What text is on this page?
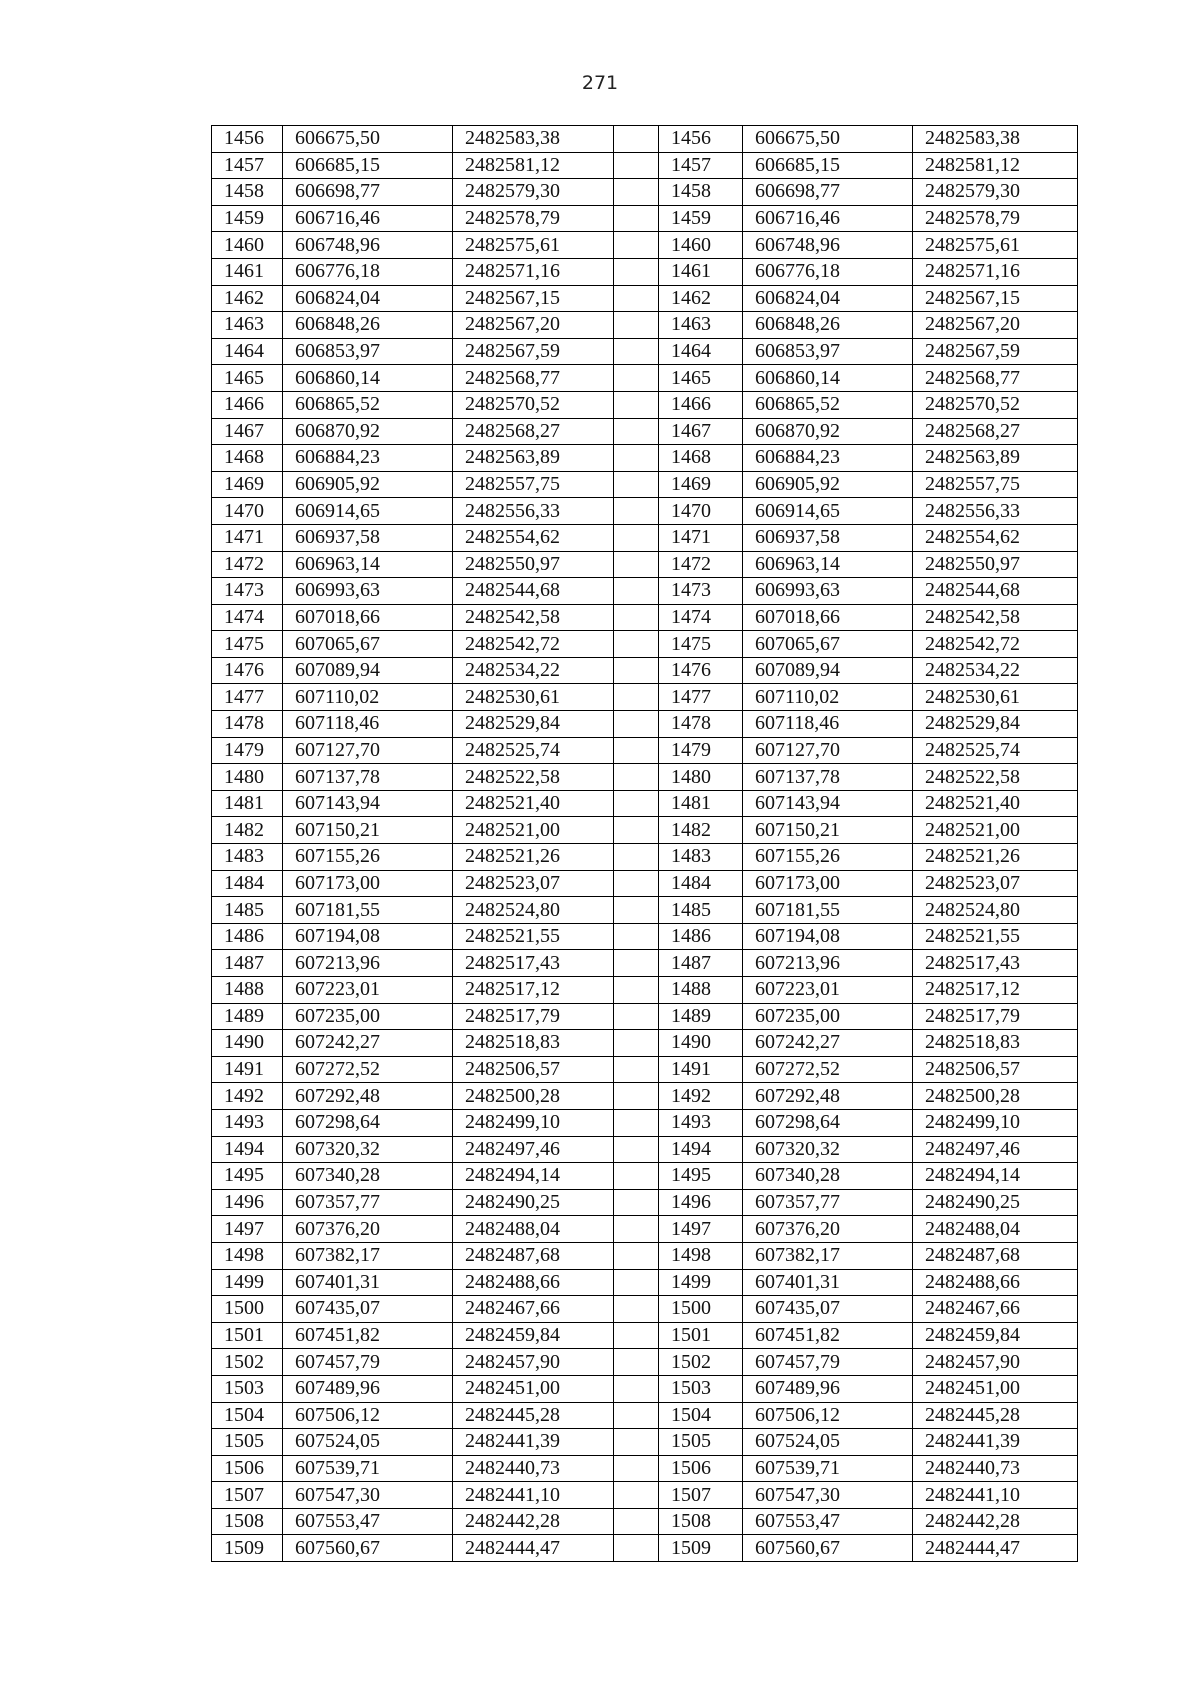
271
1456	606675,50	2482583,38		1456	606675,50	2482583,38
1457	606685,15	2482581,12		1457	606685,15	2482581,12
1458	606698,77	2482579,30		1458	606698,77	2482579,30
1459	606716,46	2482578,79		1459	606716,46	2482578,79
1460	606748,96	2482575,61		1460	606748,96	2482575,61
1461	606776,18	2482571,16		1461	606776,18	2482571,16
1462	606824,04	2482567,15		1462	606824,04	2482567,15
1463	606848,26	2482567,20		1463	606848,26	2482567,20
1464	606853,97	2482567,59		1464	606853,97	2482567,59
1465	606860,14	2482568,77		1465	606860,14	2482568,77
1466	606865,52	2482570,52		1466	606865,52	2482570,52
1467	606870,92	2482568,27		1467	606870,92	2482568,27
1468	606884,23	2482563,89		1468	606884,23	2482563,89
1469	606905,92	2482557,75		1469	606905,92	2482557,75
1470	606914,65	2482556,33		1470	606914,65	2482556,33
1471	606937,58	2482554,62		1471	606937,58	2482554,62
1472	606963,14	2482550,97		1472	606963,14	2482550,97
1473	606993,63	2482544,68		1473	606993,63	2482544,68
1474	607018,66	2482542,58		1474	607018,66	2482542,58
1475	607065,67	2482542,72		1475	607065,67	2482542,72
1476	607089,94	2482534,22		1476	607089,94	2482534,22
1477	607110,02	2482530,61		1477	607110,02	2482530,61
1478	607118,46	2482529,84		1478	607118,46	2482529,84
1479	607127,70	2482525,74		1479	607127,70	2482525,74
1480	607137,78	2482522,58		1480	607137,78	2482522,58
1481	607143,94	2482521,40		1481	607143,94	2482521,40
1482	607150,21	2482521,00		1482	607150,21	2482521,00
1483	607155,26	2482521,26		1483	607155,26	2482521,26
1484	607173,00	2482523,07		1484	607173,00	2482523,07
1485	607181,55	2482524,80		1485	607181,55	2482524,80
1486	607194,08	2482521,55		1486	607194,08	2482521,55
1487	607213,96	2482517,43		1487	607213,96	2482517,43
1488	607223,01	2482517,12		1488	607223,01	2482517,12
1489	607235,00	2482517,79		1489	607235,00	2482517,79
1490	607242,27	2482518,83		1490	607242,27	2482518,83
1491	607272,52	2482506,57		1491	607272,52	2482506,57
1492	607292,48	2482500,28		1492	607292,48	2482500,28
1493	607298,64	2482499,10		1493	607298,64	2482499,10
1494	607320,32	2482497,46		1494	607320,32	2482497,46
1495	607340,28	2482494,14		1495	607340,28	2482494,14
1496	607357,77	2482490,25		1496	607357,77	2482490,25
1497	607376,20	2482488,04		1497	607376,20	2482488,04
1498	607382,17	2482487,68		1498	607382,17	2482487,68
1499	607401,31	2482488,66		1499	607401,31	2482488,66
1500	607435,07	2482467,66		1500	607435,07	2482467,66
1501	607451,82	2482459,84		1501	607451,82	2482459,84
1502	607457,79	2482457,90		1502	607457,79	2482457,90
1503	607489,96	2482451,00		1503	607489,96	2482451,00
1504	607506,12	2482445,28		1504	607506,12	2482445,28
1505	607524,05	2482441,39		1505	607524,05	2482441,39
1506	607539,71	2482440,73		1506	607539,71	2482440,73
1507	607547,30	2482441,10		1507	607547,30	2482441,10
1508	607553,47	2482442,28		1508	607553,47	2482442,28
1509	607560,67	2482444,47		1509	607560,67	2482444,47
